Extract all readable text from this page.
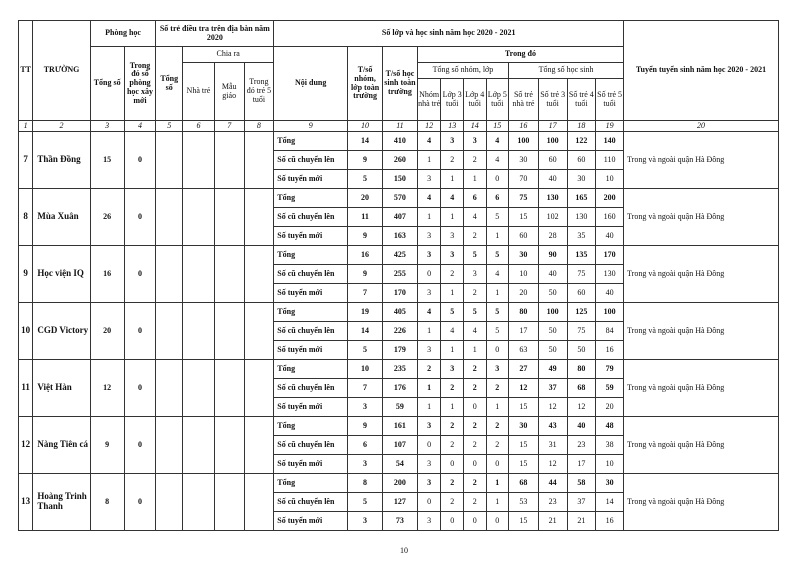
TT	TRƯỜNG	Phòng học		Số trẻ điều tra trên địa bàn năm 2020				Số lớp và học sinh năm học 2020 - 2021											Tuyển tuyển sinh năm học 2020 - 2021
		Tổng số	Trong đó số phòng học xây mới	Tổng số	Chia ra			Nội dung	T/số nhóm, lớp toàn trường	T/số học sinh toàn trường	Trong đó								
					Nhà trẻ	Mẫu giáo	Trong đó trẻ 5 tuổi				Tổng số nhóm, lớp				Tổng số học sinh				
											Nhóm nhà trẻ	Lớp 3 tuổi	Lớp 4 tuổi	Lớp 5 tuổi	Số trẻ nhà trẻ	Số trẻ 3 tuổi	Số trẻ 4 tuổi	Số trẻ 5 tuổi	
1	2	3	4	5	6	7	8	9	10	11	12	13	14	15	16	17	18	19	20
7	Thần Đồng	15	0					Tổng	14	410	4	3	3	4	100	100	122	140	Trong và ngoài quận Hà Đông
								Số cũ chuyển lên	9	260	1	2	2	4	30	60	60	110	
								Số tuyển mới	5	150	3	1	1	0	70	40	30	10	
8	Mùa Xuân	26	0					Tổng	20	570	4	4	6	6	75	130	165	200	Trong và ngoài quận Hà Đông
								Số cũ chuyển lên	11	407	1	1	4	5	15	102	130	160	
								Số tuyển mới	9	163	3	3	2	1	60	28	35	40	
9	Học viện IQ	16	0					Tổng	16	425	3	3	5	5	30	90	135	170	Trong và ngoài quận Hà Đông
								Số cũ chuyển lên	9	255	0	2	3	4	10	40	75	130	
								Số tuyển mới	7	170	3	1	2	1	20	50	60	40	
10	CGD Victory	20	0					Tổng	19	405	4	5	5	5	80	100	125	100	Trong và ngoài quận Hà Đông
								Số cũ chuyển lên	14	226	1	4	4	5	17	50	75	84	
								Số tuyển mới	5	179	3	1	1	0	63	50	50	16	
11	Việt Hàn	12	0					Tổng	10	235	2	3	2	3	27	49	80	79	Trong và ngoài quận Hà Đông
								Số cũ chuyển lên	7	176	1	2	2	2	12	37	68	59	
								Số tuyển mới	3	59	1	1	0	1	15	12	12	20	
12	Nàng Tiên cá	9	0					Tổng	9	161	3	2	2	2	30	43	40	48	Trong và ngoài quận Hà Đông
								Số cũ chuyển lên	6	107	0	2	2	2	15	31	23	38	
								Số tuyển mới	3	54	3	0	0	0	15	12	17	10	
13	Hoàng Trinh Thanh	8	0					Tổng	8	200	3	2	2	1	68	44	58	30	Trong và ngoài quận Hà Đông
								Số cũ chuyển lên	5	127	0	2	2	1	53	23	37	14	
								Số tuyển mới	3	73	3	0	0	0	15	21	21	16	
10
